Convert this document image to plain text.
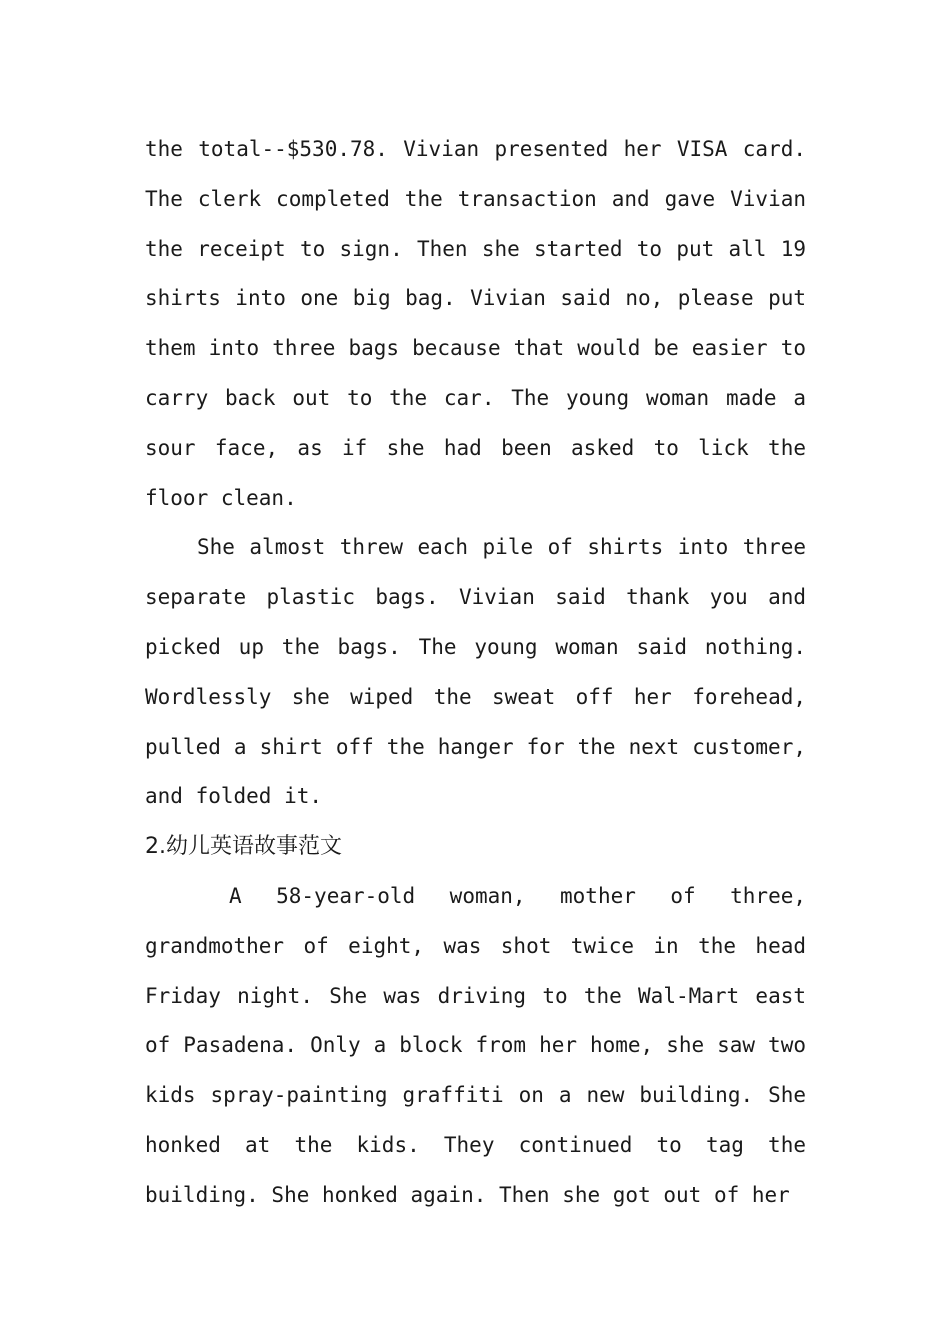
the total--$530.78. Vivian presented her VISA card. The clerk completed the transaction and gave Vivian the receipt to sign. Then she started to put all 19 shirts into one big bag. Vivian said no, please put them into three bags because that would be easier to carry back out to the car. The young woman made a sour face, as if she had been asked to lick the floor clean.

She almost threw each pile of shirts into three separate plastic bags. Vivian said thank you and picked up the bags. The young woman said nothing. Wordlessly she wiped the sweat off her forehead, pulled a shirt off the hanger for the next customer, and folded it.

2.幼儿英语故事范文

A 58-year-old woman, mother of three, grandmother of eight, was shot twice in the head Friday night. She was driving to the Wal-Mart east of Pasadena. Only a block from her home, she saw two kids spray-painting graffiti on a new building. She honked at the kids. They continued to tag the building. She honked again. Then she got out of her
